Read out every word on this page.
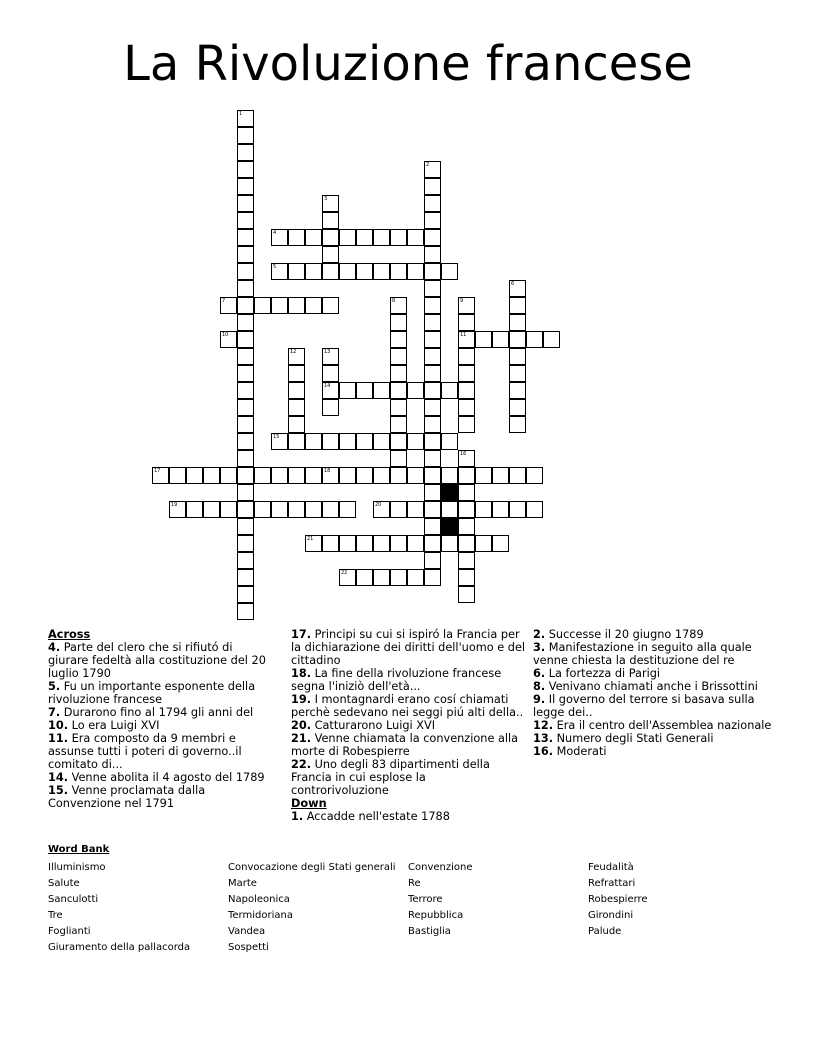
La Rivoluzione francese
1
2
3
4
5
6
7	8	9
11
10
12	13
14
15
16
17	18
19	20
21
22
Across
4. Parte del clero che si rifiutó di giurare fedeltà alla costituzione del 20 luglio 1790
5. Fu un importante esponente della rivoluzione francese
7. Durarono fino al 1794 gli anni del
10. Lo era Luigi XVI
11. Era composto da 9 membri e assunse tutti i poteri di governo..il comitato di...
14. Venne abolita il 4 agosto del 1789
15. Venne proclamata dalla Convenzione nel 1791
17. Principi su cui si ispiró la Francia per la dichiarazione dei diritti dell'uomo e del cittadino
18. La fine della rivoluzione francese segna l'iniziò dell'età...
19. I montagnardi erano cosí chiamati perchè sedevano nei seggi piú alti della..
20. Catturarono Luigi XVI
21. Venne chiamata la convenzione alla morte di Robespierre
22. Uno degli 83 dipartimenti della Francia in cui esplose la controrivoluzione
Down
1. Accadde nell'estate 1788
2. Successe il 20 giugno 1789
3. Manifestazione in seguito alla quale venne chiesta la destituzione del re
6. La fortezza di Parigi
8. Venivano chiamati anche i Brissottini
9. Il governo del terrore si basava sulla legge dei..
12. Era il centro dell'Assemblea nazionale
13. Numero degli Stati Generali
16. Moderati
Word Bank
Illuminismo
Salute
Sanculotti
Tre
Foglianti
Giuramento della pallacorda
Convocazione degli Stati generali
Marte
Napoleonica
Termidoriana
Vandea
Sospetti
Convenzione
Re
Terrore
Repubblica
Bastiglia
Feudalità
Refrattari
Robespierre
Girondini
Palude
